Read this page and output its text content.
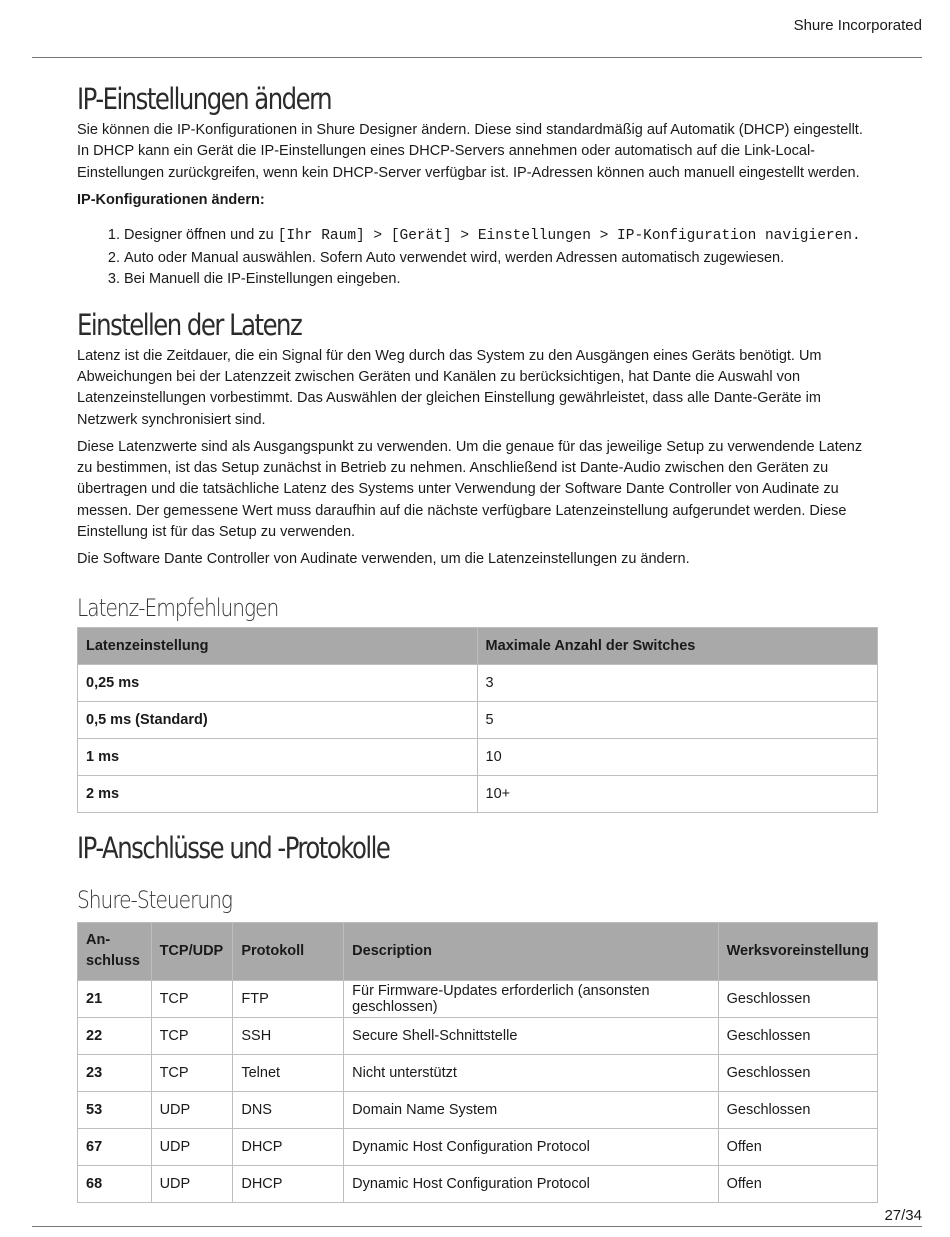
Shure Incorporated
IP-Einstellungen ändern

Sie können die IP-Konfigurationen in Shure Designer ändern. Diese sind standardmäßig auf Automatik (DHCP) eingestellt. In DHCP kann ein Gerät die IP-Einstellungen eines DHCP-Servers annehmen oder automatisch auf die Link-Local-Einstellungen zurückgreifen, wenn kein DHCP-Server verfügbar ist. IP-Adressen können auch manuell eingestellt werden.

IP-Konfigurationen ändern:

1. Designer öffnen und zu [Ihr Raum] > [Gerät] > Einstellungen > IP-Konfiguration navigieren.
2. Auto oder Manual auswählen. Sofern Auto verwendet wird, werden Adressen automatisch zugewiesen.
3. Bei Manuell die IP-Einstellungen eingeben.
Einstellen der Latenz

Latenz ist die Zeitdauer, die ein Signal für den Weg durch das System zu den Ausgängen eines Geräts benötigt. Um Abweichungen bei der Latenzzeit zwischen Geräten und Kanälen zu berücksichtigen, hat Dante die Auswahl von Latenzeinstellungen vorbestimmt. Das Auswählen der gleichen Einstellung gewährleistet, dass alle Dante-Geräte im Netzwerk synchronisiert sind.

Diese Latenzwerte sind als Ausgangspunkt zu verwenden. Um die genaue für das jeweilige Setup zu verwendende Latenz zu bestimmen, ist das Setup zunächst in Betrieb zu nehmen. Anschließend ist Dante-Audio zwischen den Geräten zu übertragen und die tatsächliche Latenz des Systems unter Verwendung der Software Dante Controller von Audinate zu messen. Der gemessene Wert muss daraufhin auf die nächste verfügbare Latenzeinstellung aufgerundet werden. Diese Einstellung ist für das Setup zu verwenden.

Die Software Dante Controller von Audinate verwenden, um die Latenzeinstellungen zu ändern.

Latenz-Empfehlungen
Latenzeinstellung	Maximale Anzahl der Switches
0,25 ms	3
0,5 ms (Standard)	5
1 ms	10
2 ms	10+
IP-Anschlüsse und -Protokolle
Shure-Steuerung
An-schluss	TCP/UDP	Protokoll	Description	Werksvoreinstellung
21	TCP	FTP	Für Firmware-Updates erforderlich (ansonsten geschlossen)	Geschlossen
22	TCP	SSH	Secure Shell-Schnittstelle	Geschlossen
23	TCP	Telnet	Nicht unterstützt	Geschlossen
53	UDP	DNS	Domain Name System	Geschlossen
67	UDP	DHCP	Dynamic Host Configuration Protocol	Offen
68	UDP	DHCP	Dynamic Host Configuration Protocol	Offen
27/34
